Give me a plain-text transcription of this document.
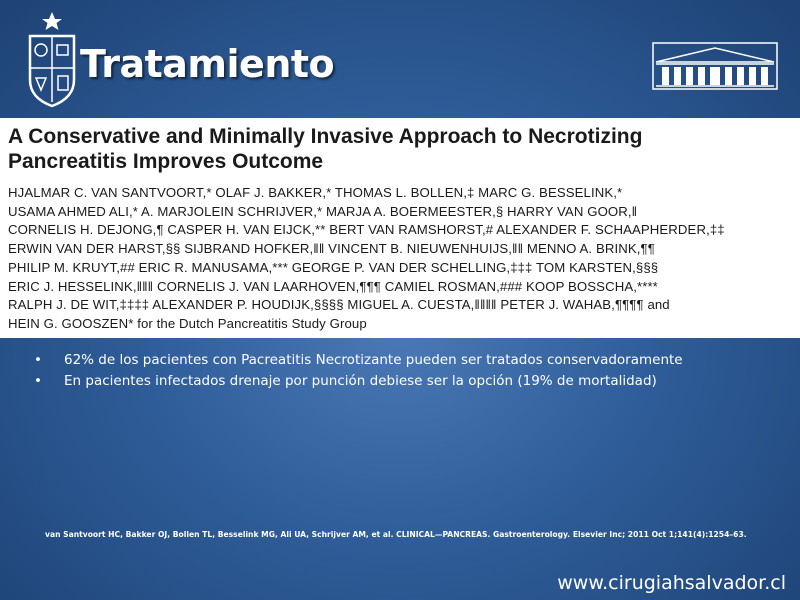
Tratamiento
A Conservative and Minimally Invasive Approach to Necrotizing
Pancreatitis Improves Outcome
HJALMAR C. VAN SANTVOORT,* OLAF J. BAKKER,* THOMAS L. BOLLEN,‡ MARC G. BESSELINK,*
USAMA AHMED ALI,* A. MARJOLEIN SCHRIJVER,* MARJA A. BOERMEESTER,§ HARRY VAN GOOR,‖
CORNELIS H. DEJONG,¶ CASPER H. VAN EIJCK,** BERT VAN RAMSHORST,# ALEXANDER F. SCHAAPHERDER,‡‡
ERWIN VAN DER HARST,§§ SIJBRAND HOFKER,‖‖ VINCENT B. NIEUWENHUIJS,‖‖ MENNO A. BRINK,¶¶
PHILIP M. KRUYT,## ERIC R. MANUSAMA,*** GEORGE P. VAN DER SCHELLING,‡‡‡ TOM KARSTEN,§§§
ERIC J. HESSELINK,‖‖‖ CORNELIS J. VAN LAARHOVEN,¶¶¶ CAMIEL ROSMAN,### KOOP BOSSCHA,****
RALPH J. DE WIT,‡‡‡‡ ALEXANDER P. HOUDIJK,§§§§ MIGUEL A. CUESTA,‖‖‖‖ PETER J. WAHAB,¶¶¶¶ and
HEIN G. GOOSZEN* for the Dutch Pancreatitis Study Group
• 62% de los pacientes con Pacreatitis Necrotizante pueden ser tratados conservadoramente
• En pacientes infectados drenaje por punción debiese ser la opción (19% de mortalidad)
van Santvoort HC, Bakker OJ, Bollen TL, Besselink MG, Ali UA, Schrijver AM, et al. CLINICAL—PANCREAS. Gastroenterology. Elsevier Inc; 2011 Oct 1;141(4):1254–63.
www.cirugiahsalvador.cl
